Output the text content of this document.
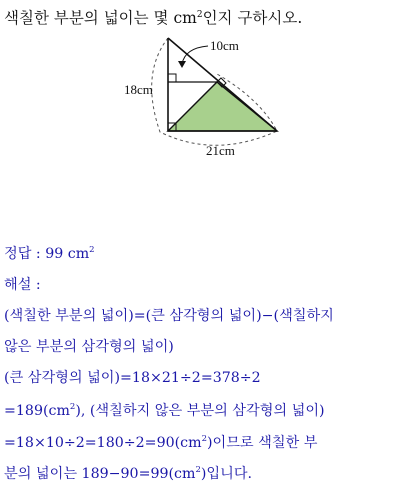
색칠한 부분의 넓이는 몇 $cm^2$인지 구하시오.
10cm
18cm
21cm
정답 : 99 $cm^2$
해설 :
(색칠한 부분의 넓이)=(큰 삼각형의 넓이)−(색칠하지
않은 부분의 삼각형의 넓이)
(큰 삼각형의 넓이)=18×21÷2=378÷2
$=189(cm^2)$, (색칠하지 않은 부분의 삼각형의 넓이)
$=18\times 10\div 2=180\div 2=90(cm^2)$이므로 색칠한 부
분의 넓이는 $189-90=99(cm^2)$입니다.
